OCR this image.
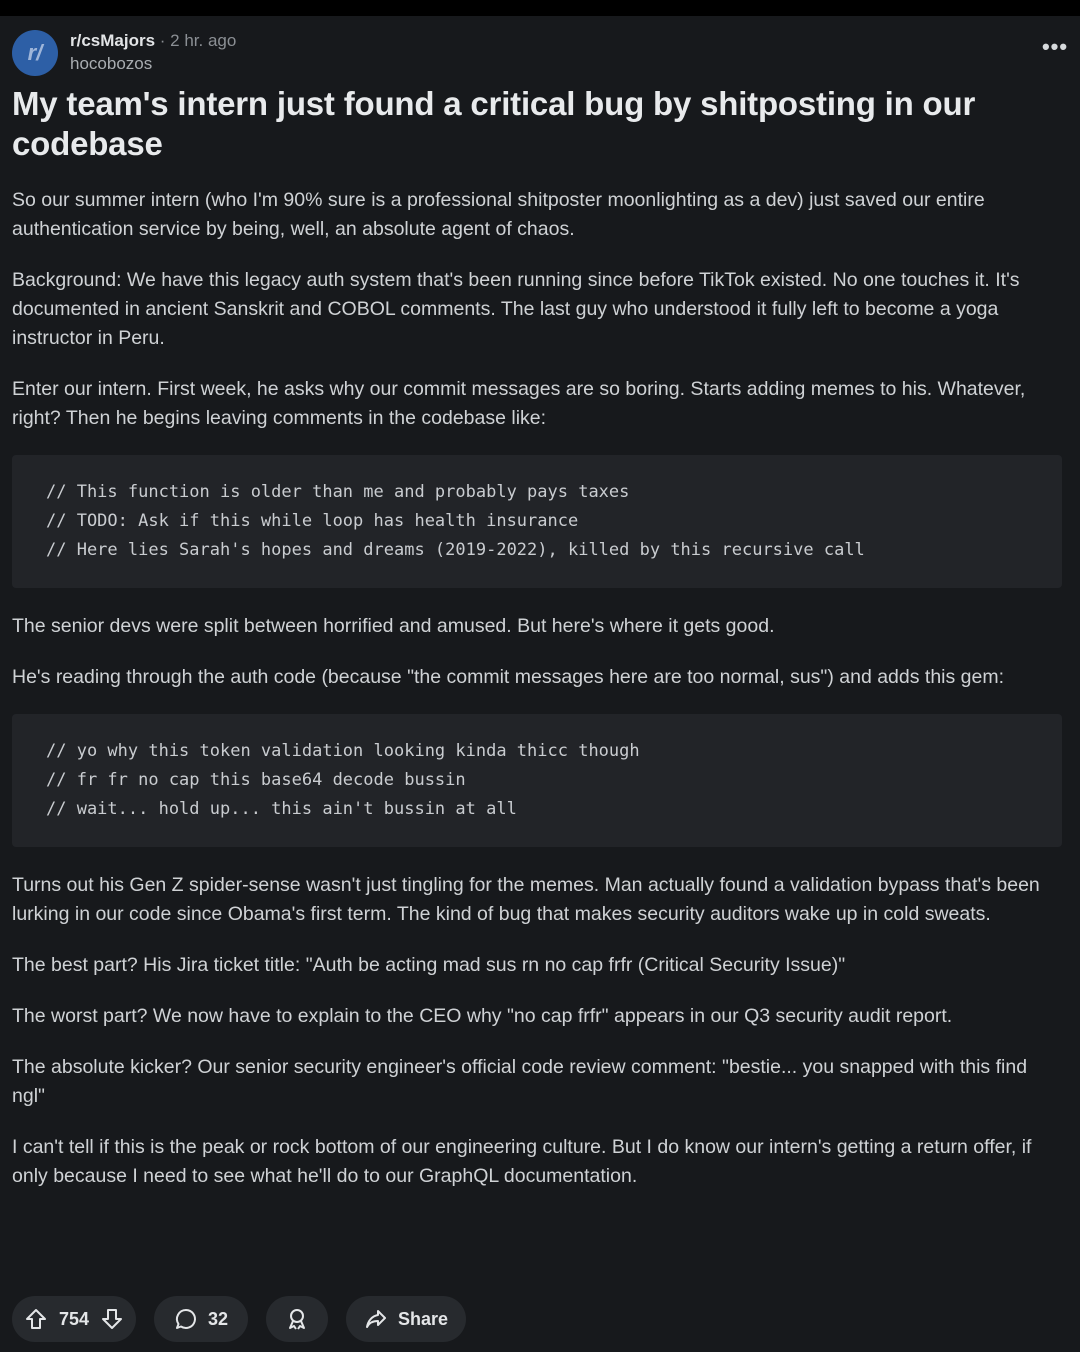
r/	r/csMajors · 2 hr. ago
hocobozos
•••
My team's intern just found a critical bug by shitposting in our codebase

So our summer intern (who I'm 90% sure is a professional shitposter moonlighting as a dev) just saved our entire authentication service by being, well, an absolute agent of chaos.

Background: We have this legacy auth system that's been running since before TikTok existed. No one touches it. It's documented in ancient Sanskrit and COBOL comments. The last guy who understood it fully left to become a yoga instructor in Peru.

Enter our intern. First week, he asks why our commit messages are so boring. Starts adding memes to his. Whatever, right? Then he begins leaving comments in the codebase like:

// This function is older than me and probably pays taxes
// TODO: Ask if this while loop has health insurance
// Here lies Sarah's hopes and dreams (2019-2022), killed by this recursive call

The senior devs were split between horrified and amused. But here's where it gets good.

He's reading through the auth code (because "the commit messages here are too normal, sus") and adds this gem:

// yo why this token validation looking kinda thicc though
// fr fr no cap this base64 decode bussin
// wait... hold up... this ain't bussin at all

Turns out his Gen Z spider-sense wasn't just tingling for the memes. Man actually found a validation bypass that's been lurking in our code since Obama's first term. The kind of bug that makes security auditors wake up in cold sweats.

The best part? His Jira ticket title: "Auth be acting mad sus rn no cap frfr (Critical Security Issue)"

The worst part? We now have to explain to the CEO why "no cap frfr" appears in our Q3 security audit report.

The absolute kicker? Our senior security engineer's official code review comment: "bestie... you snapped with this find ngl"

I can't tell if this is the peak or rock bottom of our engineering culture. But I do know our intern's getting a return offer, if only because I need to see what he'll do to our GraphQL documentation.

754	32	Share
